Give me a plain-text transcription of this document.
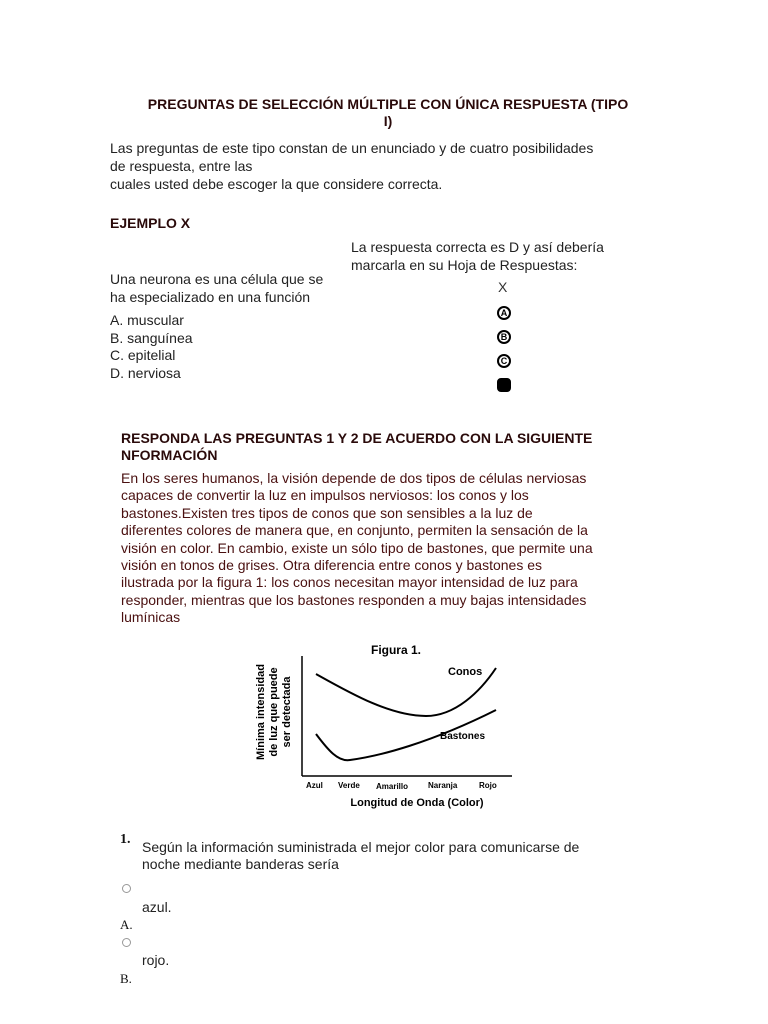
PREGUNTAS DE SELECCIÓN MÚLTIPLE CON ÚNICA RESPUESTA (TIPO
I)
Las preguntas de este tipo constan de un enunciado y de cuatro posibilidades
de respuesta, entre las
cuales usted debe escoger la que considere correcta.
EJEMPLO X
La respuesta correcta es D y así debería
marcarla en su Hoja de Respuestas:
Una neurona es una célula que se
ha especializado en una función
A. muscular
B. sanguínea
C. epitelial
D. nerviosa
X
A
B
C
D
RESPONDA LAS PREGUNTAS 1 Y 2 DE ACUERDO CON LA SIGUIENTE
NFORMACIÓN
En los seres humanos, la visión depende de dos tipos de células nerviosas
capaces de convertir la luz en impulsos nerviosos: los conos y los
bastones.Existen tres tipos de conos que son sensibles a la luz de
diferentes colores de manera que, en conjunto, permiten la sensación de la
visión en color. En cambio, existe un sólo tipo de bastones, que permite una
visión en tonos de grises. Otra diferencia entre conos y bastones es
ilustrada por la figura 1: los conos necesitan mayor intensidad de luz para
responder, mientras que los bastones responden a muy bajas intensidades
lumínicas
Figura 1.
Mínima intensidad de luz que puede ser detectada
Conos
Bastones
Azul Verde Amarillo Naranja	Rojo
Longitud de Onda (Color)
1. Según la información suministrada el mejor color para comunicarse de
noche mediante banderas sería
azul.
A.
rojo.
B.
